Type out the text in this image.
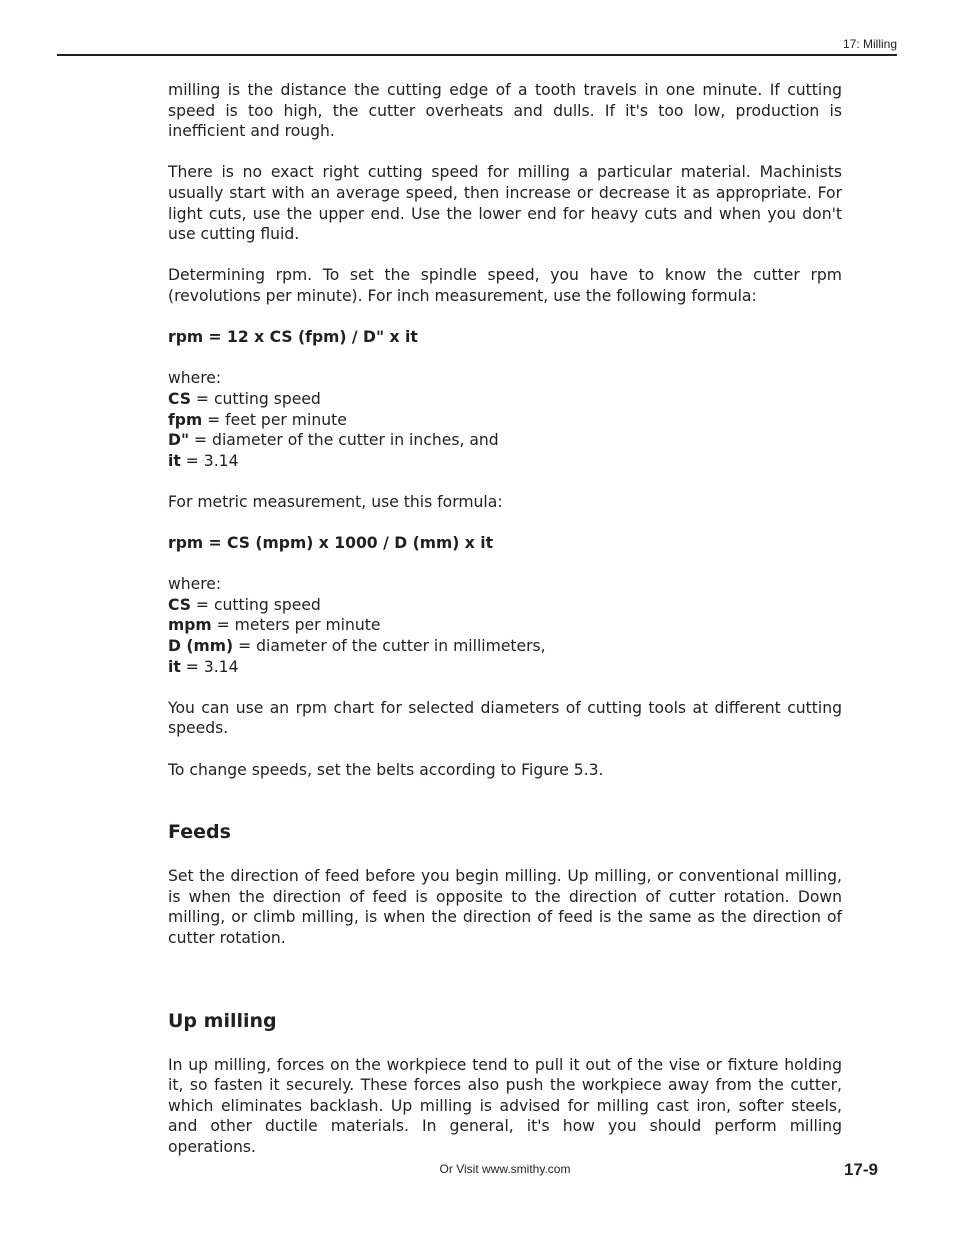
17: Milling

milling is the distance the cutting edge of a tooth travels in one minute. If cutting speed is too high, the cutter overheats and dulls. If it's too low, production is inefficient and rough.

There is no exact right cutting speed for milling a particular material. Machinists usually start with an average speed, then increase or decrease it as appropriate. For light cuts, use the upper end. Use the lower end for heavy cuts and when you don't use cutting fluid.

Determining rpm. To set the spindle speed, you have to know the cutter rpm (revolutions per minute). For inch measurement, use the following formula:

rpm = 12 x CS (fpm) / D" x it

where:
CS = cutting speed
fpm = feet per minute
D" = diameter of the cutter in inches, and
it = 3.14

For metric measurement, use this formula:

rpm = CS (mpm) x 1000 / D (mm) x it

where:
CS = cutting speed
mpm = meters per minute
D (mm) = diameter of the cutter in millimeters,
it = 3.14

You can use an rpm chart for selected diameters of cutting tools at different cutting speeds.

To change speeds, set the belts according to Figure 5.3.

Feeds

Set the direction of feed before you begin milling. Up milling, or conventional milling, is when the direction of feed is opposite to the direction of cutter rotation. Down milling, or climb milling, is when the direction of feed is the same as the direction of cutter rotation.

Up milling

In up milling, forces on the workpiece tend to pull it out of the vise or fixture holding it, so fasten it securely. These forces also push the workpiece away from the cutter, which eliminates backlash. Up milling is advised for milling cast iron, softer steels, and other ductile materials. In general, it's how you should perform milling operations.

Or Visit www.smithy.com	17-9
